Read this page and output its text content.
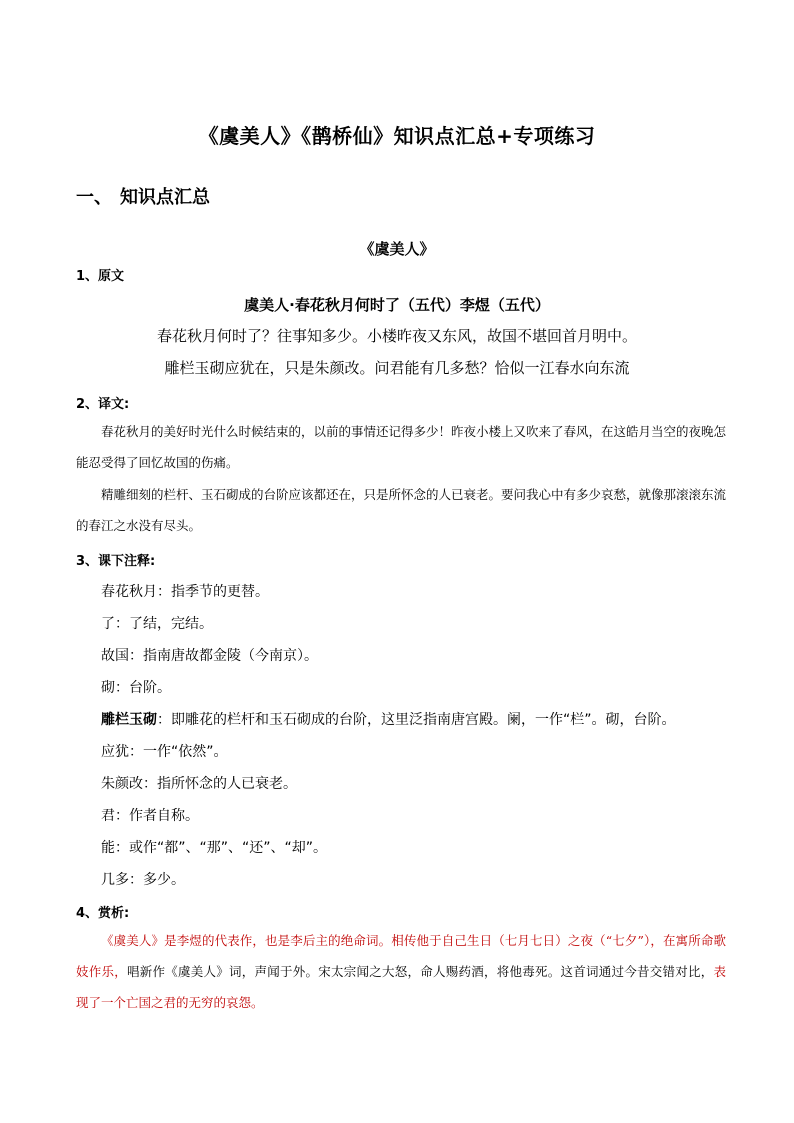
《虞美人》《鹊桥仙》知识点汇总+专项练习
一、 知识点汇总
《虞美人》
1、原文
虞美人·春花秋月何时了（五代）李煜（五代）
春花秋月何时了？往事知多少。小楼昨夜又东风，故国不堪回首月明中。
雕栏玉砌应犹在，只是朱颜改。问君能有几多愁？恰似一江春水向东流
2、译文:
春花秋月的美好时光什么时候结束的，以前的事情还记得多少！昨夜小楼上又吹来了春风，在这皓月当空的夜晚怎能忍受得了回忆故国的伤痛。
精雕细刻的栏杆、玉石砌成的台阶应该都还在，只是所怀念的人已衰老。要问我心中有多少哀愁，就像那滚滚东流的春江之水没有尽头。
3、课下注释:
春花秋月：指季节的更替。
了：了结，完结。
故国：指南唐故都金陵（今南京）。
砌：台阶。
雕栏玉砌：即雕花的栏杆和玉石砌成的台阶，这里泛指南唐宫殿。阑，一作“栏”。砌，台阶。
应犹：一作“依然”。
朱颜改：指所怀念的人已衰老。
君：作者自称。
能：或作“都”、“那”、“还”、“却”。
几多：多少。
4、赏析:
《虞美人》是李煜的代表作，也是李后主的绝命词。相传他于自己生日（七月七日）之夜（“七夕”），在寓所命歌妓作乐，唱新作《虞美人》词，声闻于外。宋太宗闻之大怒，命人赐药酒，将他毒死。这首词通过今昔交错对比，表现了一个亡国之君的无穷的哀怨。
